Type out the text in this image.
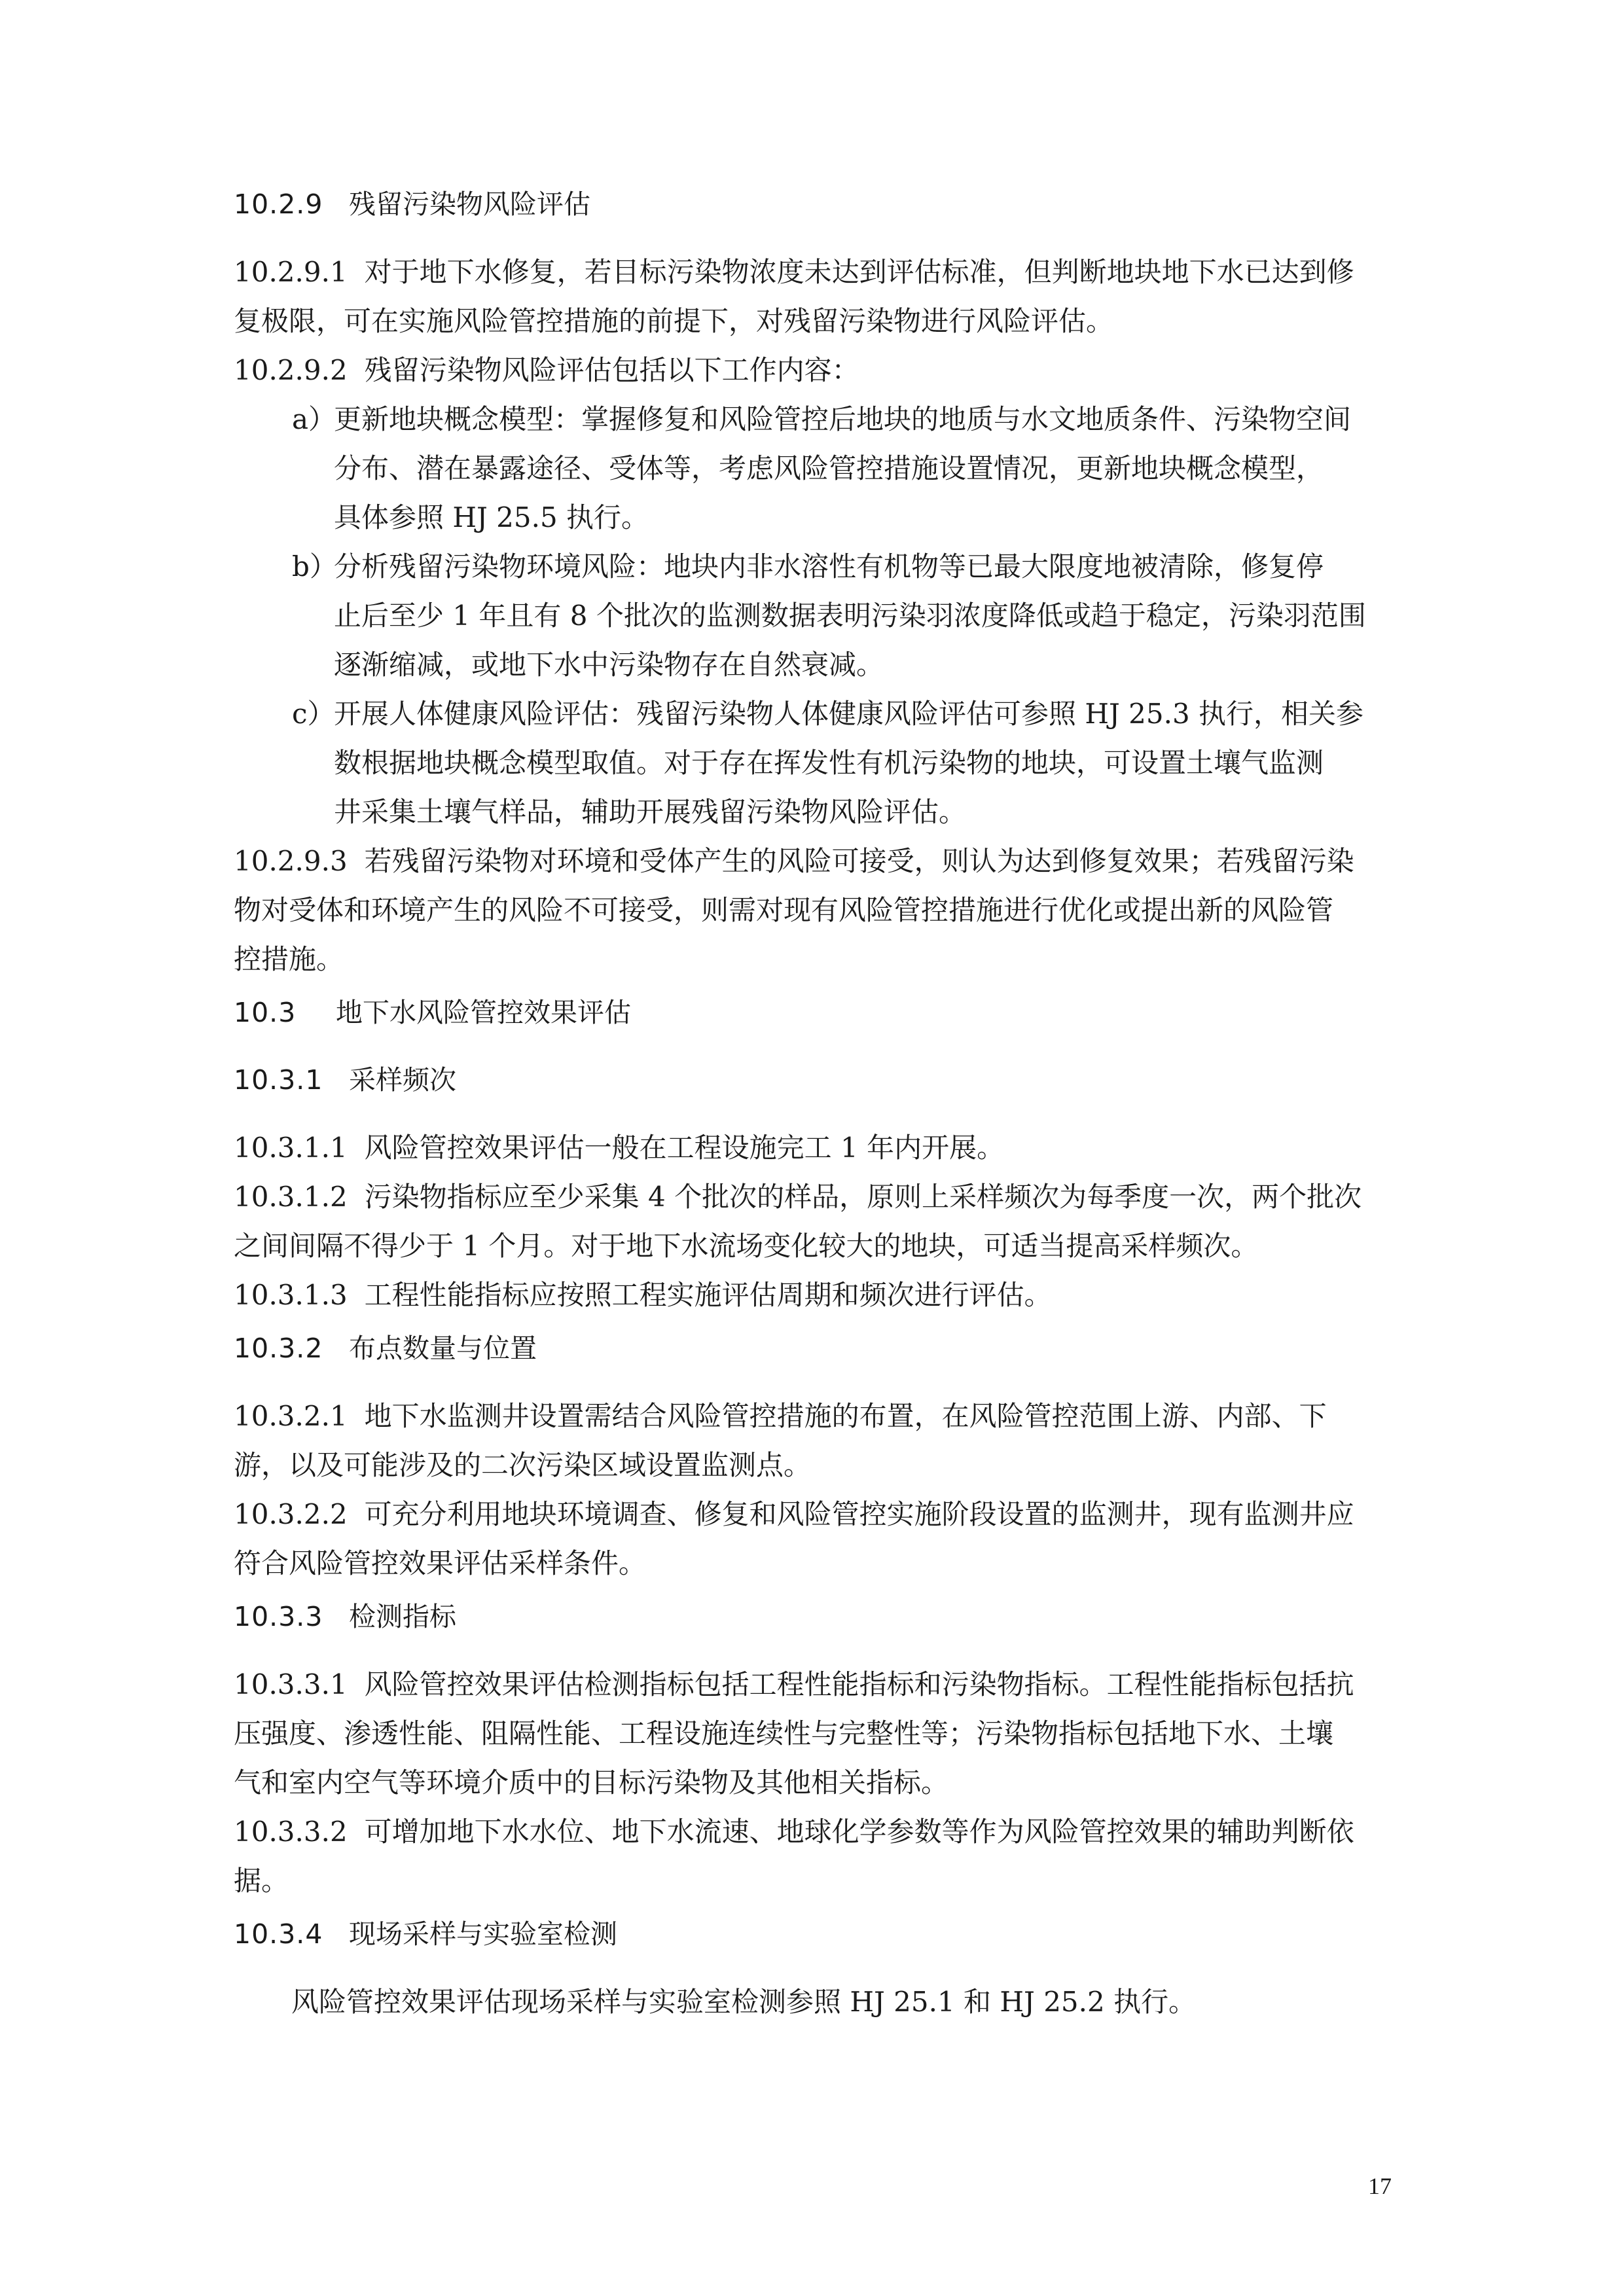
10.2.9 残留污染物风险评估
10.2.9.1 对于地下水修复，若目标污染物浓度未达到评估标准，但判断地块地下水已达到修
复极限，可在实施风险管控措施的前提下，对残留污染物进行风险评估。
10.2.9.2 残留污染物风险评估包括以下工作内容：
a）更新地块概念模型：掌握修复和风险管控后地块的地质与水文地质条件、污染物空间
分布、潜在暴露途径、受体等，考虑风险管控措施设置情况，更新地块概念模型，
具体参照 HJ 25.5 执行。
b）分析残留污染物环境风险：地块内非水溶性有机物等已最大限度地被清除，修复停
止后至少 1 年且有 8 个批次的监测数据表明污染羽浓度降低或趋于稳定，污染羽范围
逐渐缩减，或地下水中污染物存在自然衰减。
c）开展人体健康风险评估：残留污染物人体健康风险评估可参照 HJ 25.3 执行，相关参
数根据地块概念模型取值。对于存在挥发性有机污染物的地块，可设置土壤气监测
井采集土壤气样品，辅助开展残留污染物风险评估。
10.2.9.3 若残留污染物对环境和受体产生的风险可接受，则认为达到修复效果；若残留污染
物对受体和环境产生的风险不可接受，则需对现有风险管控措施进行优化或提出新的风险管
控措施。
10.3 地下水风险管控效果评估
10.3.1 采样频次
10.3.1.1 风险管控效果评估一般在工程设施完工 1 年内开展。
10.3.1.2 污染物指标应至少采集 4 个批次的样品，原则上采样频次为每季度一次，两个批次
之间间隔不得少于 1 个月。对于地下水流场变化较大的地块，可适当提高采样频次。
10.3.1.3 工程性能指标应按照工程实施评估周期和频次进行评估。
10.3.2 布点数量与位置
10.3.2.1 地下水监测井设置需结合风险管控措施的布置，在风险管控范围上游、内部、下
游，以及可能涉及的二次污染区域设置监测点。
10.3.2.2 可充分利用地块环境调查、修复和风险管控实施阶段设置的监测井，现有监测井应
符合风险管控效果评估采样条件。
10.3.3 检测指标
10.3.3.1 风险管控效果评估检测指标包括工程性能指标和污染物指标。工程性能指标包括抗
压强度、渗透性能、阻隔性能、工程设施连续性与完整性等；污染物指标包括地下水、土壤
气和室内空气等环境介质中的目标污染物及其他相关指标。
10.3.3.2 可增加地下水水位、地下水流速、地球化学参数等作为风险管控效果的辅助判断依
据。
10.3.4 现场采样与实验室检测
风险管控效果评估现场采样与实验室检测参照 HJ 25.1 和 HJ 25.2 执行。
17
